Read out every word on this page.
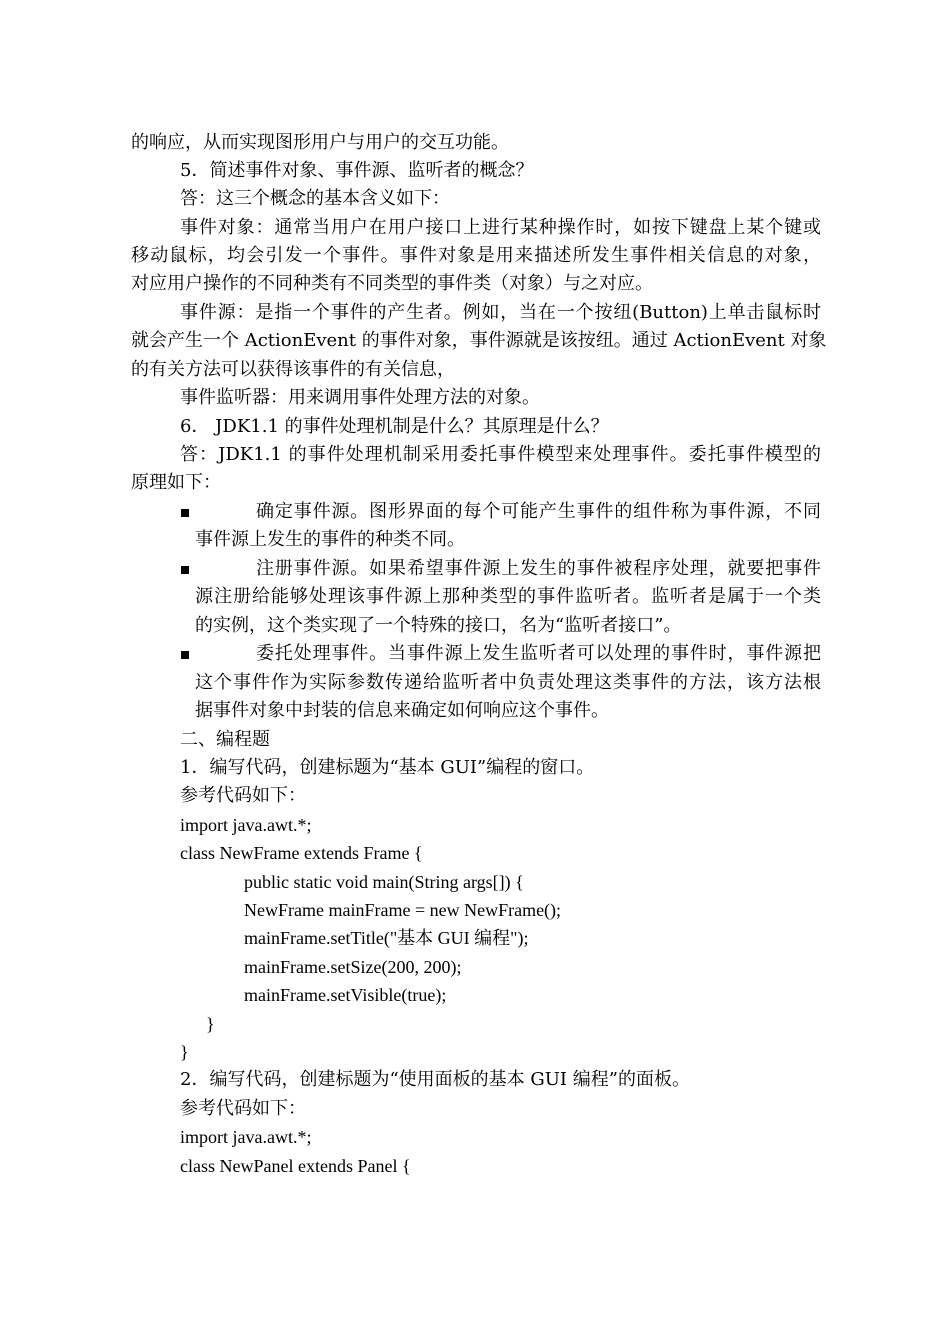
的响应，从而实现图形用户与用户的交互功能。
5．简述事件对象、事件源、监听者的概念？
答：这三个概念的基本含义如下：
事件对象：通常当用户在用户接口上进行某种操作时，如按下键盘上某个键或
移动鼠标，均会引发一个事件。事件对象是用来描述所发生事件相关信息的对象，
对应用户操作的不同种类有不同类型的事件类（对象）与之对应。
事件源：是指一个事件的产生者。例如，当在一个按纽(Button)上单击鼠标时
就会产生一个 ActionEvent 的事件对象，事件源就是该按纽。通过 ActionEvent 对象
的有关方法可以获得该事件的有关信息，
事件监听器：用来调用事件处理方法的对象。
6． JDK1.1 的事件处理机制是什么？其原理是什么？
答：JDK1.1 的事件处理机制采用委托事件模型来处理事件。委托事件模型的
原理如下：
确定事件源。图形界面的每个可能产生事件的组件称为事件源，不同
事件源上发生的事件的种类不同。
注册事件源。如果希望事件源上发生的事件被程序处理，就要把事件
源注册给能够处理该事件源上那种类型的事件监听者。监听者是属于一个类
的实例，这个类实现了一个特殊的接口，名为“监听者接口”。
委托处理事件。当事件源上发生监听者可以处理的事件时，事件源把
这个事件作为实际参数传递给监听者中负责处理这类事件的方法，该方法根
据事件对象中封装的信息来确定如何响应这个事件。
二、编程题
1．编写代码，创建标题为“基本 GUI”编程的窗口。
参考代码如下：
import java.awt.*;
class NewFrame extends Frame {
public static void main(String args[]) {
NewFrame mainFrame = new NewFrame();
mainFrame.setTitle("基本 GUI 编程");
mainFrame.setSize(200, 200);
mainFrame.setVisible(true);
}
}
2．编写代码，创建标题为“使用面板的基本 GUI 编程”的面板。
参考代码如下：
import java.awt.*;
class NewPanel extends Panel {
